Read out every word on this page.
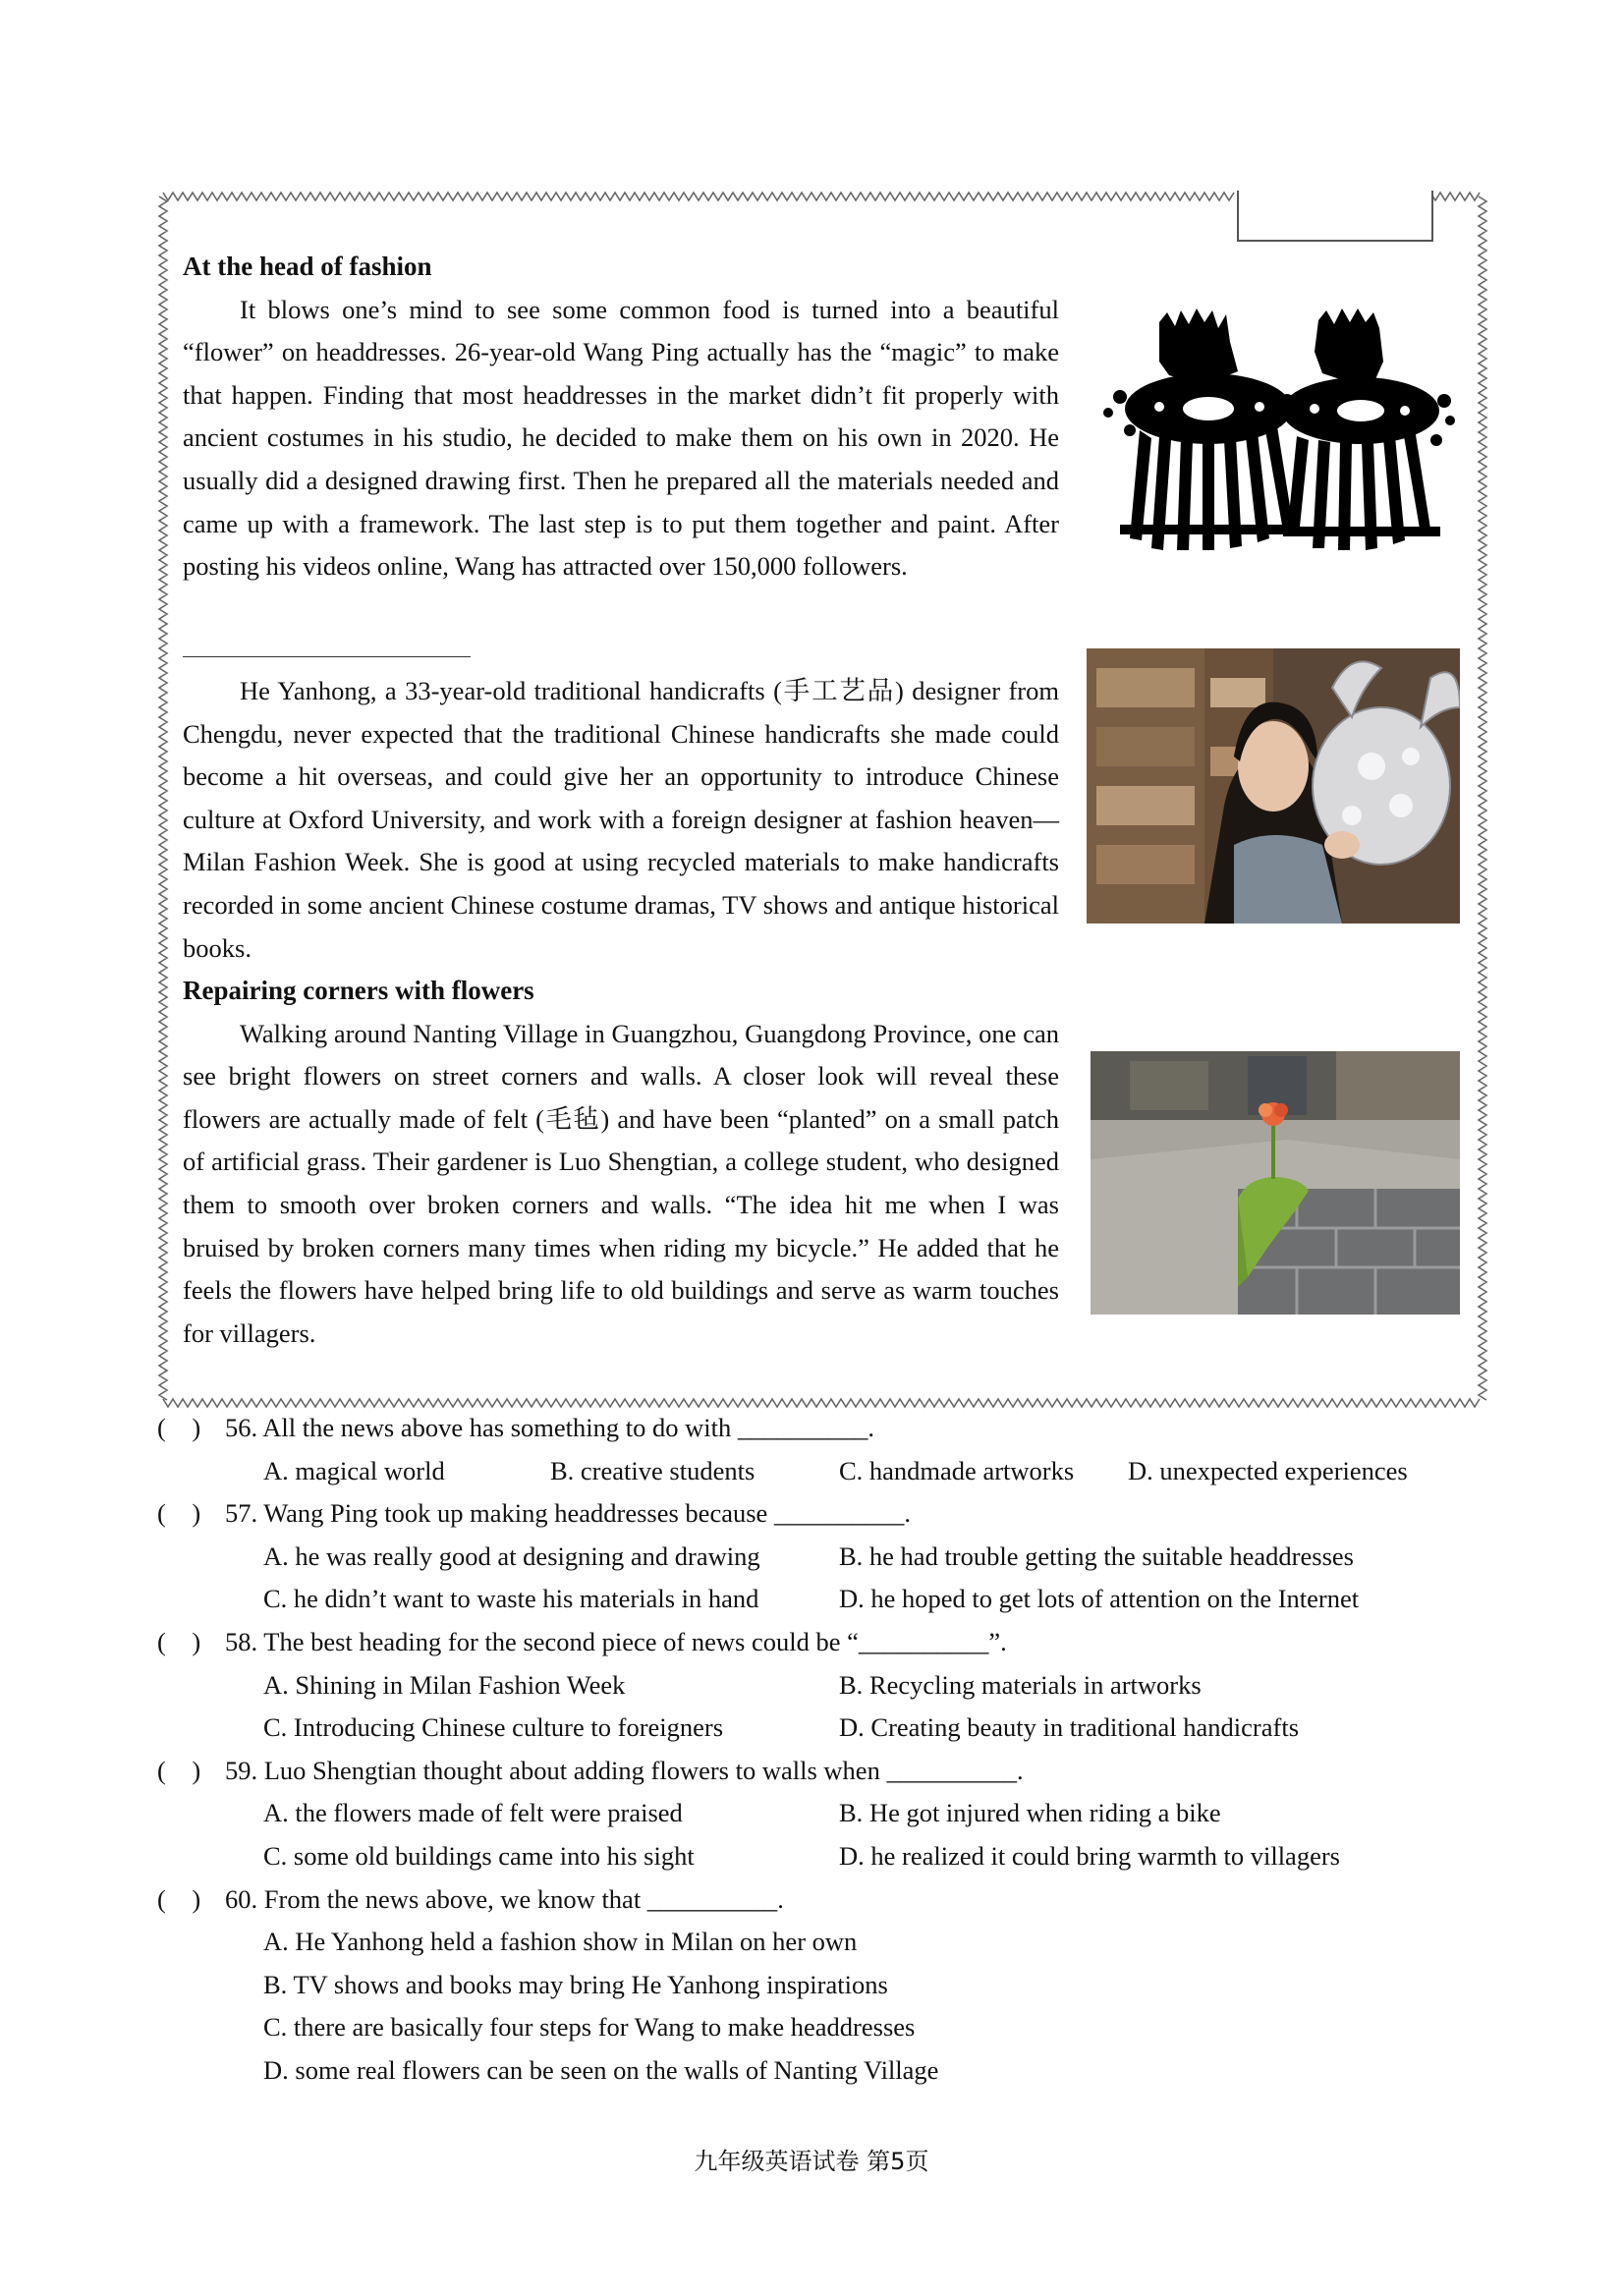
At the head of fashion

It blows one’s mind to see some common food is turned into a beautiful “flower” on headdresses. 26-year-old Wang Ping actually has the “magic” to make that happen. Finding that most headdresses in the market didn’t fit properly with ancient costumes in his studio, he decided to make them on his own in 2020. He usually did a designed drawing first. Then he prepared all the materials needed and came up with a framework. The last step is to put them together and paint. After posting his videos online, Wang has attracted over 150,000 followers.

He Yanhong, a 33-year-old traditional handicrafts (手工艺品) designer from Chengdu, never expected that the traditional Chinese handicrafts she made could become a hit overseas, and could give her an opportunity to introduce Chinese culture at Oxford University, and work with a foreign designer at fashion heaven—Milan Fashion Week. She is good at using recycled materials to make handicrafts recorded in some ancient Chinese costume dramas, TV shows and antique historical books.

Repairing corners with flowers

Walking around Nanting Village in Guangzhou, Guangdong Province, one can see bright flowers on street corners and walls. A closer look will reveal these flowers are actually made of felt (毛毡) and have been “planted” on a small patch of artificial grass. Their gardener is Luo Shengtian, a college student, who designed them to smooth over broken corners and walls. “The idea hit me when I was bruised by broken corners many times when riding my bicycle.” He added that he feels the flowers have helped bring life to old buildings and serve as warm touches for villagers.

(    ) 56. All the news above has something to do with __________.
A. magical world	B. creative students	C. handmade artworks D. unexpected experiences
(    ) 57. Wang Ping took up making headdresses because __________.
A. he was really good at designing and drawing	B. he had trouble getting the suitable headdresses
C. he didn’t want to waste his materials in hand	D. he hoped to get lots of attention on the Internet
(    ) 58. The best heading for the second piece of news could be “__________”.
A. Shining in Milan Fashion Week	B. Recycling materials in artworks
C. Introducing Chinese culture to foreigners	D. Creating beauty in traditional handicrafts
(    ) 59. Luo Shengtian thought about adding flowers to walls when __________.
A. the flowers made of felt were praised	B. He got injured when riding a bike
C. some old buildings came into his sight	D. he realized it could bring warmth to villagers
(    ) 60. From the news above, we know that __________.
A. He Yanhong held a fashion show in Milan on her own
B. TV shows and books may bring He Yanhong inspirations
C. there are basically four steps for Wang to make headdresses
D. some real flowers can be seen on the walls of Nanting Village
九年级英语试卷 第5页
